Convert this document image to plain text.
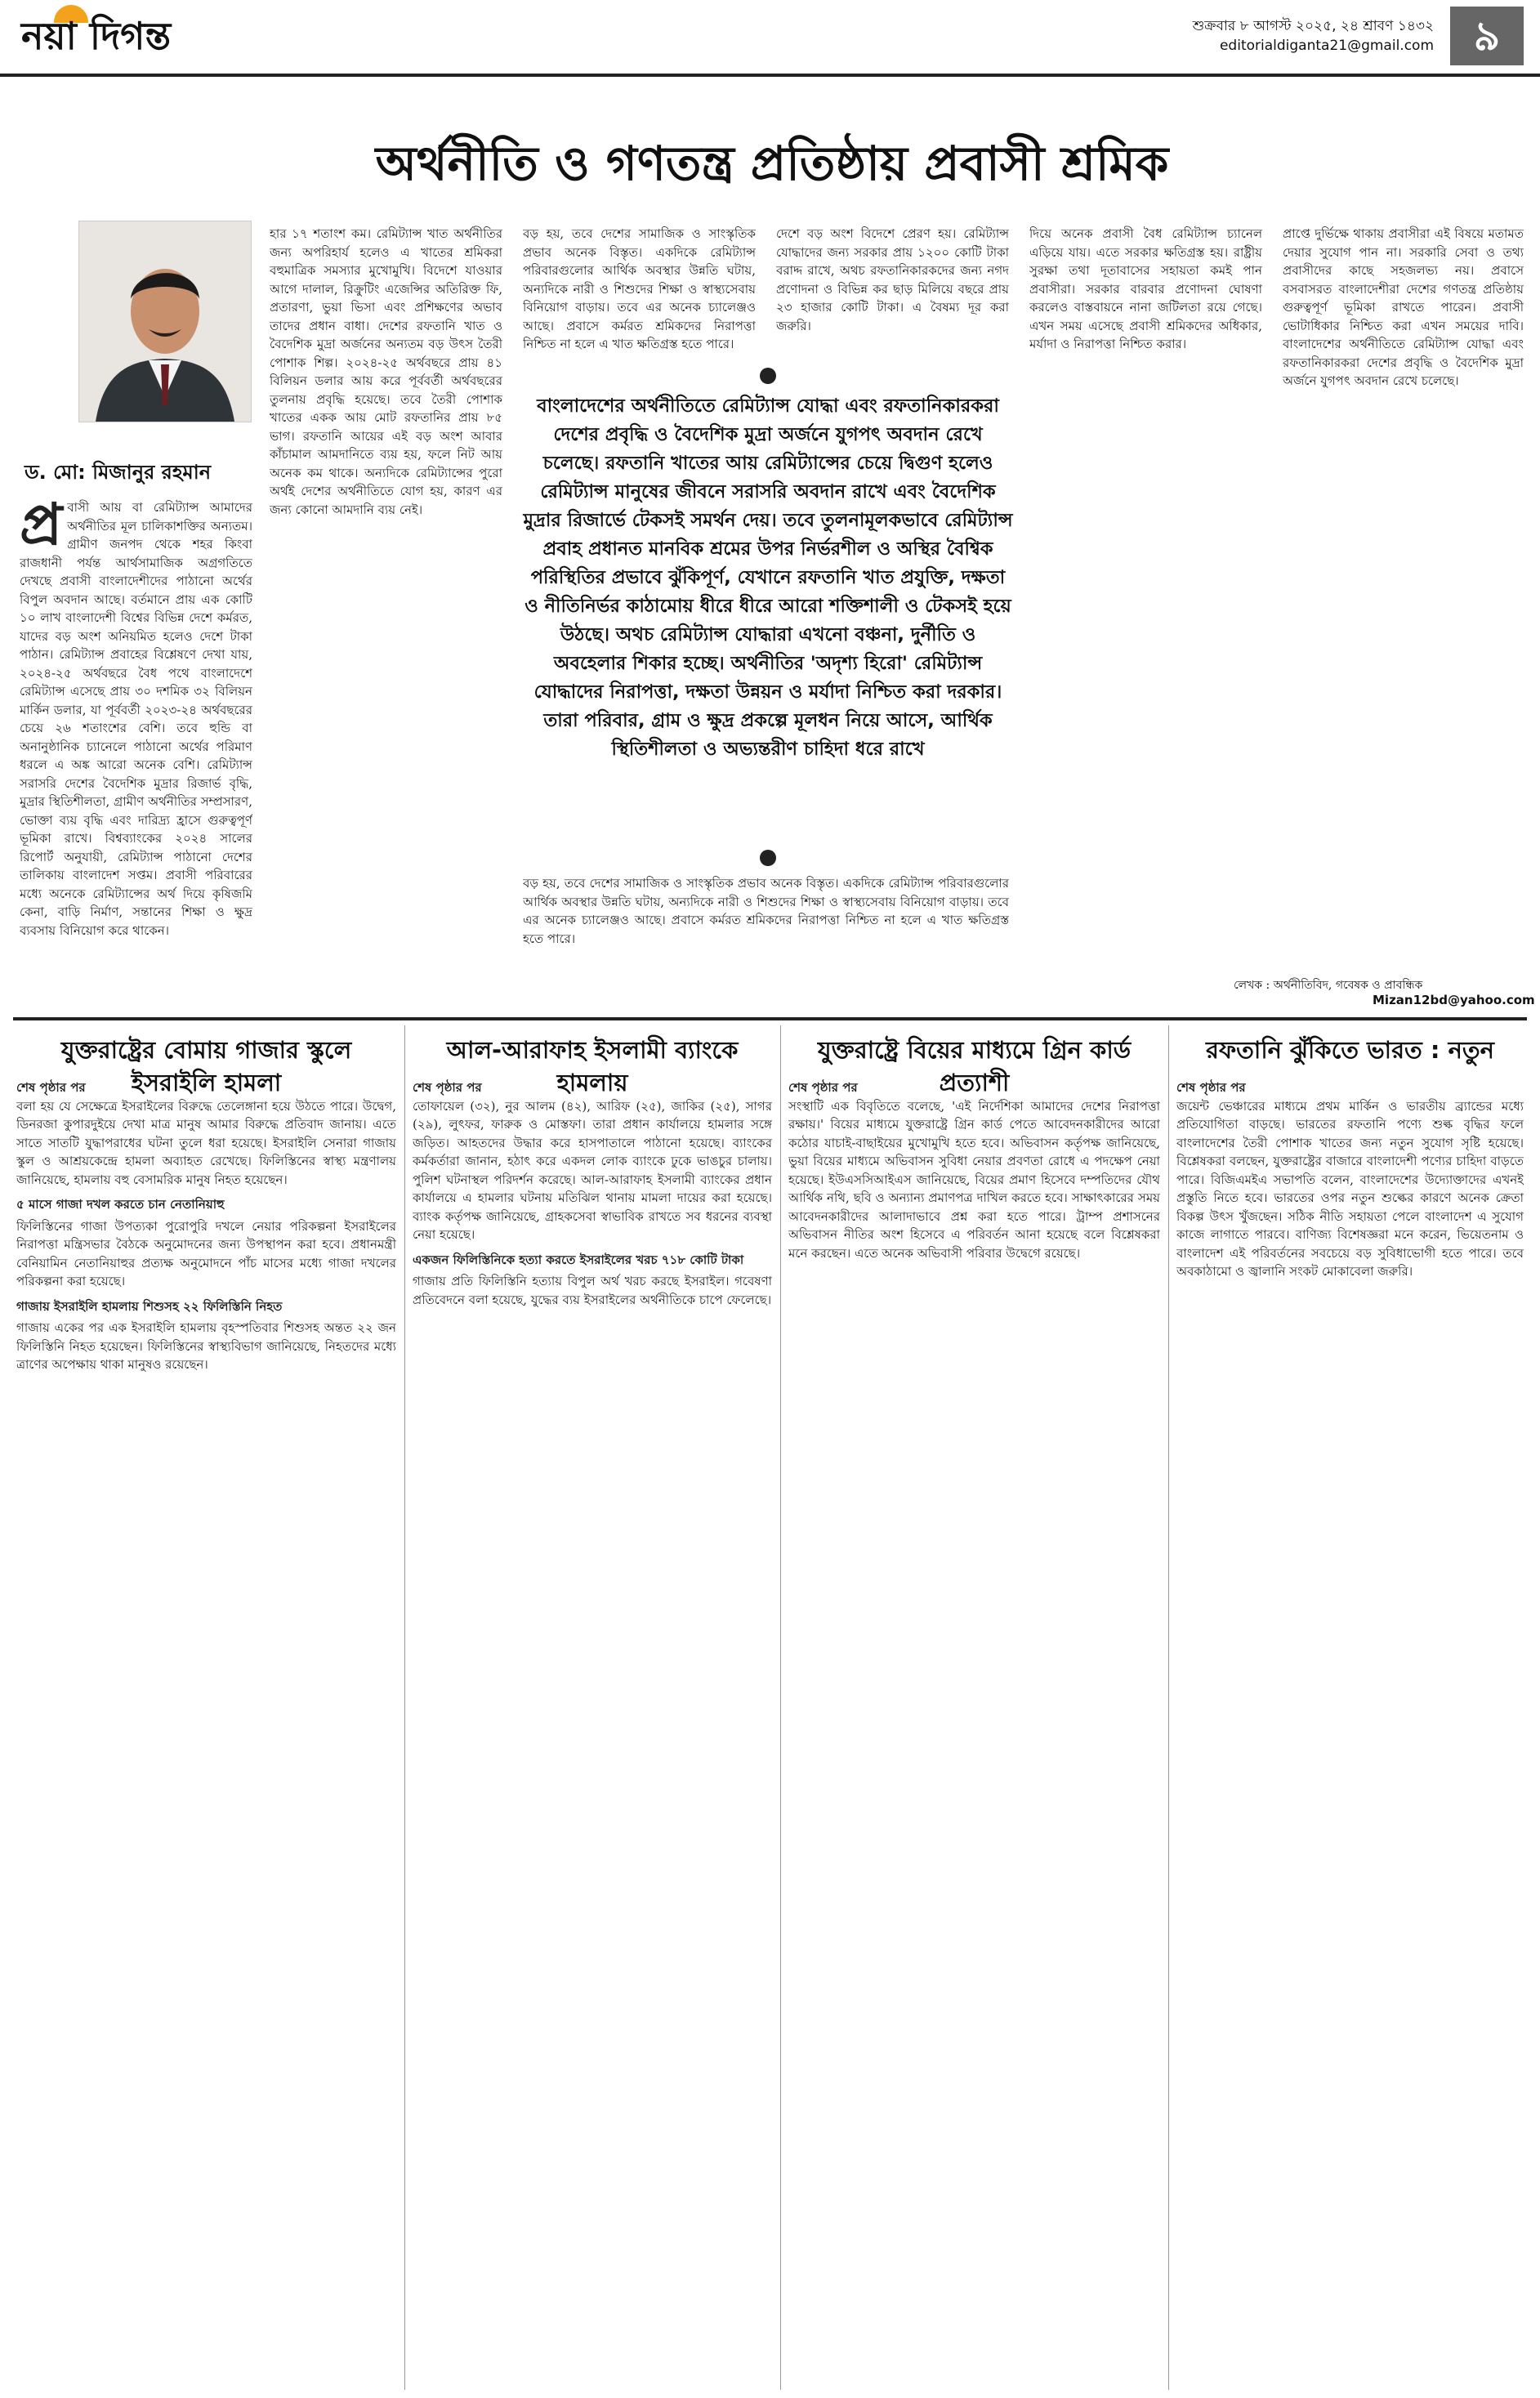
নয়া দিগন্ত	শুক্রবার ৮ আগস্ট ২০২৫, ২৪ শ্রাবণ ১৪৩২
editorialdiganta21@gmail.com ৯
অর্থনীতি ও গণতন্ত্র প্রতিষ্ঠায় প্রবাসী শ্রমিক
ড. মো: মিজানুর রহমান
প্র বাসী আয় বা রেমিট্যান্স আমাদের অর্থনীতির মূল চালিকাশক্তির অন্যতম। গ্রামীণ জনপদ থেকে শহর কিংবা রাজধানী পর্যন্ত আর্থসামাজিক অগ্রগতিতে দেখছে প্রবাসী বাংলাদেশীদের পাঠানো অর্থের বিপুল অবদান আছে। বর্তমানে প্রায় এক কোটি ১০ লাখ বাংলাদেশী বিশ্বের বিভিন্ন দেশে কর্মরত, যাদের বড় অংশ অনিয়মিত হলেও দেশে টাকা পাঠান। রেমিট্যান্স প্রবাহের বিশ্লেষণে দেখা যায়, ২০২৪-২৫ অর্থবছরে বৈধ পথে বাংলাদেশে রেমিট্যান্স এসেছে প্রায় ৩০ দশমিক ৩২ বিলিয়ন মার্কিন ডলার, যা পূর্ববর্তী ২০২৩-২৪ অর্থবছরের চেয়ে ২৬ শতাংশের বেশি। তবে হুন্ডি বা অনানুষ্ঠানিক চ্যানেলে পাঠানো অর্থের পরিমাণ ধরলে এ অঙ্ক আরো অনেক বেশি। রেমিট্যান্স সরাসরি দেশের বৈদেশিক মুদ্রার রিজার্ভ বৃদ্ধি, মুদ্রার স্থিতিশীলতা, গ্রামীণ অর্থনীতির সম্প্রসারণ, ভোক্তা ব্যয় বৃদ্ধি এবং দারিদ্র্য হ্রাসে গুরুত্বপূর্ণ ভূমিকা রাখে। বিশ্বব্যাংকের ২০২৪ সালের রিপোর্ট অনুযায়ী, রেমিট্যান্স পাঠানো দেশের তালিকায় বাংলাদেশ সপ্তম। প্রবাসী পরিবারের মধ্যে অনেকে রেমিট্যান্সের অর্থ দিয়ে কৃষিজমি কেনা, বাড়ি নির্মাণ, সন্তানের শিক্ষা ও ক্ষুদ্র ব্যবসায় বিনিয়োগ করে থাকেন।
হার ১৭ শতাংশ কম। রেমিট্যান্স খাত অর্থনীতির জন্য অপরিহার্য হলেও এ খাতের শ্রমিকরা বহুমাত্রিক সমস্যার মুখোমুখি। বিদেশে যাওয়ার আগে দালাল, রিক্রুটিং এজেন্সির অতিরিক্ত ফি, প্রতারণা, ভুয়া ভিসা এবং প্রশিক্ষণের অভাব তাদের প্রধান বাধা। দেশের রফতানি খাত ও বৈদেশিক মুদ্রা অর্জনের অন্যতম বড় উৎস তৈরী পোশাক শিল্প। ২০২৪-২৫ অর্থবছরে প্রায় ৪১ বিলিয়ন ডলার আয় করে পূর্ববর্তী অর্থবছরের তুলনায় প্রবৃদ্ধি হয়েছে। তবে তৈরী পোশাক খাতের একক আয় মোট রফতানির প্রায় ৮৫ ভাগ। রফতানি আয়ের এই বড় অংশ আবার কাঁচামাল আমদানিতে ব্যয় হয়, ফলে নিট আয় অনেক কম থাকে। অন্যদিকে রেমিট্যান্সের পুরো অর্থই দেশের অর্থনীতিতে যোগ হয়, কারণ এর জন্য কোনো আমদানি ব্যয় নেই।
বড় হয়, তবে দেশের সামাজিক ও সাংস্কৃতিক প্রভাব অনেক বিস্তৃত। একদিকে রেমিট্যান্স পরিবারগুলোর আর্থিক অবস্থার উন্নতি ঘটায়, অন্যদিকে নারী ও শিশুদের শিক্ষা ও স্বাস্থ্যসেবায় বিনিয়োগ বাড়ায়। তবে এর অনেক চ্যালেঞ্জও আছে। প্রবাসে কর্মরত শ্রমিকদের নিরাপত্তা নিশ্চিত না হলে এ খাত ক্ষতিগ্রস্ত হতে পারে।
দেশে বড় অংশ বিদেশে প্রেরণ হয়। রেমিট্যান্স যোদ্ধাদের জন্য সরকার প্রায় ১২০০ কোটি টাকা বরাদ্দ রাখে, অথচ রফতানিকারকদের জন্য নগদ প্রণোদনা ও বিভিন্ন কর ছাড় মিলিয়ে বছরে প্রায় ২৩ হাজার কোটি টাকা। এ বৈষম্য দূর করা জরুরি।
বড় হয়, তবে দেশের সামাজিক ও সাংস্কৃতিক প্রভাব অনেক বিস্তৃত। একদিকে রেমিট্যান্স পরিবারগুলোর আর্থিক অবস্থার উন্নতি ঘটায়, অন্যদিকে নারী ও শিশুদের শিক্ষা ও স্বাস্থ্যসেবায় বিনিয়োগ বাড়ায়। তবে এর অনেক চ্যালেঞ্জও আছে। প্রবাসে কর্মরত শ্রমিকদের নিরাপত্তা নিশ্চিত না হলে এ খাত ক্ষতিগ্রস্ত হতে পারে।
বাংলাদেশের অর্থনীতিতে রেমিট্যান্স যোদ্ধা এবং রফতানিকারকরা দেশের প্রবৃদ্ধি ও বৈদেশিক মুদ্রা অর্জনে যুগপৎ অবদান রেখে চলেছে। রফতানি খাতের আয় রেমিট্যান্সের চেয়ে দ্বিগুণ হলেও রেমিট্যান্স মানুষের জীবনে সরাসরি অবদান রাখে এবং বৈদেশিক মুদ্রার রিজার্ভে টেকসই সমর্থন দেয়। তবে তুলনামূলকভাবে রেমিট্যান্স প্রবাহ প্রধানত মানবিক শ্রমের উপর নির্ভরশীল ও অস্থির বৈশ্বিক পরিস্থিতির প্রভাবে ঝুঁকিপূর্ণ, যেখানে রফতানি খাত প্রযুক্তি, দক্ষতা ও নীতিনির্ভর কাঠামোয় ধীরে ধীরে আরো শক্তিশালী ও টেকসই হয়ে উঠছে। অথচ রেমিট্যান্স যোদ্ধারা এখনো বঞ্চনা, দুর্নীতি ও অবহেলার শিকার হচ্ছে। অর্থনীতির 'অদৃশ্য হিরো' রেমিট্যান্স যোদ্ধাদের নিরাপত্তা, দক্ষতা উন্নয়ন ও মর্যাদা নিশ্চিত করা দরকার। তারা পরিবার, গ্রাম ও ক্ষুদ্র প্রকল্পে মূলধন নিয়ে আসে, আর্থিক স্থিতিশীলতা ও অভ্যন্তরীণ চাহিদা ধরে রাখে
দিয়ে অনেক প্রবাসী বৈধ রেমিট্যান্স চ্যানেল এড়িয়ে যায়। এতে সরকার ক্ষতিগ্রস্ত হয়। রাষ্ট্রীয় সুরক্ষা তথা দূতাবাসের সহায়তা কমই পান প্রবাসীরা। সরকার বারবার প্রণোদনা ঘোষণা করলেও বাস্তবায়নে নানা জটিলতা রয়ে গেছে। এখন সময় এসেছে প্রবাসী শ্রমিকদের অধিকার, মর্যাদা ও নিরাপত্তা নিশ্চিত করার।
প্রাপ্তে দুর্ভিক্ষে থাকায় প্রবাসীরা এই বিষয়ে মতামত দেয়ার সুযোগ পান না। সরকারি সেবা ও তথ্য প্রবাসীদের কাছে সহজলভ্য নয়। প্রবাসে বসবাসরত বাংলাদেশীরা দেশের গণতন্ত্র প্রতিষ্ঠায় গুরুত্বপূর্ণ ভূমিকা রাখতে পারেন। প্রবাসী ভোটাধিকার নিশ্চিত করা এখন সময়ের দাবি। বাংলাদেশের অর্থনীতিতে রেমিট্যান্স যোদ্ধা এবং রফতানিকারকরা দেশের প্রবৃদ্ধি ও বৈদেশিক মুদ্রা অর্জনে যুগপৎ অবদান রেখে চলেছে।
লেখক : অর্থনীতিবিদ, গবেষক ও প্রাবন্ধিক
Mizan12bd@yahoo.com
যুক্তরাষ্ট্রের বোমায় গাজার স্কুলে ইসরাইলি হামলা
শেষ পৃষ্ঠার পর
বলা হয় যে সেক্ষেত্রে ইসরাইলের বিরুদ্ধে তেলেঙ্গানা হয়ে উঠতে পারে। উদ্বেগ, ডিনরজা কুপারদুইয়ে দেখা মাত্র মানুষ আমার বিরুদ্ধে প্রতিবাদ জানায়। এতে সাতে সাতটি যুদ্ধাপরাধের ঘটনা তুলে ধরা হয়েছে। ইসরাইলি সেনারা গাজায় স্কুল ও আশ্রয়কেন্দ্রে হামলা অব্যাহত রেখেছে। ফিলিস্তিনের স্বাস্থ্য মন্ত্রণালয় জানিয়েছে, হামলায় বহু বেসামরিক মানুষ নিহত হয়েছেন।
৫ মাসে গাজা দখল করতে চান নেতানিয়াহু
ফিলিস্তিনের গাজা উপত্যকা পুরোপুরি দখলে নেয়ার পরিকল্পনা ইসরাইলের নিরাপত্তা মন্ত্রিসভার বৈঠকে অনুমোদনের জন্য উপস্থাপন করা হবে। প্রধানমন্ত্রী বেনিয়ামিন নেতানিয়াহুর প্রত্যক্ষ অনুমোদনে পাঁচ মাসের মধ্যে গাজা দখলের পরিকল্পনা করা হয়েছে।
গাজায় ইসরাইলি হামলায় শিশুসহ ২২ ফিলিস্তিনি নিহত
গাজায় একের পর এক ইসরাইলি হামলায় বৃহস্পতিবার শিশুসহ অন্তত ২২ জন ফিলিস্তিনি নিহত হয়েছেন। ফিলিস্তিনের স্বাস্থ্যবিভাগ জানিয়েছে, নিহতদের মধ্যে ত্রাণের অপেক্ষায় থাকা মানুষও রয়েছেন।
আল-আরাফাহ ইসলামী ব্যাংকে হামলায়
শেষ পৃষ্ঠার পর
তোফায়েল (৩২), নুর আলম (৪২), আরিফ (২৫), জাকির (২৫), সাগর (২৯), লুৎফর, ফারুক ও মোস্তফা। তারা প্রধান কার্যালয়ে হামলার সঙ্গে জড়িত। আহতদের উদ্ধার করে হাসপাতালে পাঠানো হয়েছে। ব্যাংকের কর্মকর্তারা জানান, হঠাৎ করে একদল লোক ব্যাংকে ঢুকে ভাঙচুর চালায়। পুলিশ ঘটনাস্থল পরিদর্শন করেছে। আল-আরাফাহ ইসলামী ব্যাংকের প্রধান কার্যালয়ে এ হামলার ঘটনায় মতিঝিল থানায় মামলা দায়ের করা হয়েছে। ব্যাংক কর্তৃপক্ষ জানিয়েছে, গ্রাহকসেবা স্বাভাবিক রাখতে সব ধরনের ব্যবস্থা নেয়া হয়েছে।
একজন ফিলিস্তিনিকে হত্যা করতে ইসরাইলের খরচ ৭১৮ কোটি টাকা
গাজায় প্রতি ফিলিস্তিনি হত্যায় বিপুল অর্থ খরচ করছে ইসরাইল। গবেষণা প্রতিবেদনে বলা হয়েছে, যুদ্ধের ব্যয় ইসরাইলের অর্থনীতিকে চাপে ফেলেছে।
যুক্তরাষ্ট্রে বিয়ের মাধ্যমে গ্রিন কার্ড প্রত্যাশী
শেষ পৃষ্ঠার পর
সংস্থাটি এক বিবৃতিতে বলেছে, 'এই নির্দেশিকা আমাদের দেশের নিরাপত্তা রক্ষায়।' বিয়ের মাধ্যমে যুক্তরাষ্ট্রে গ্রিন কার্ড পেতে আবেদনকারীদের আরো কঠোর যাচাই-বাছাইয়ের মুখোমুখি হতে হবে। অভিবাসন কর্তৃপক্ষ জানিয়েছে, ভুয়া বিয়ের মাধ্যমে অভিবাসন সুবিধা নেয়ার প্রবণতা রোধে এ পদক্ষেপ নেয়া হয়েছে। ইউএসসিআইএস জানিয়েছে, বিয়ের প্রমাণ হিসেবে দম্পতিদের যৌথ আর্থিক নথি, ছবি ও অন্যান্য প্রমাণপত্র দাখিল করতে হবে। সাক্ষাৎকারের সময় আবেদনকারীদের আলাদাভাবে প্রশ্ন করা হতে পারে। ট্রাম্প প্রশাসনের অভিবাসন নীতির অংশ হিসেবে এ পরিবর্তন আনা হয়েছে বলে বিশ্লেষকরা মনে করছেন। এতে অনেক অভিবাসী পরিবার উদ্বেগে রয়েছে।
রফতানি ঝুঁকিতে ভারত : নতুন
শেষ পৃষ্ঠার পর
জয়েন্ট ভেঞ্চারের মাধ্যমে প্রথম মার্কিন ও ভারতীয় ব্র্যান্ডের মধ্যে প্রতিযোগিতা বাড়ছে। ভারতের রফতানি পণ্যে শুল্ক বৃদ্ধির ফলে বাংলাদেশের তৈরী পোশাক খাতের জন্য নতুন সুযোগ সৃষ্টি হয়েছে। বিশ্লেষকরা বলছেন, যুক্তরাষ্ট্রের বাজারে বাংলাদেশী পণ্যের চাহিদা বাড়তে পারে। বিজিএমইএ সভাপতি বলেন, বাংলাদেশের উদ্যোক্তাদের এখনই প্রস্তুতি নিতে হবে। ভারতের ওপর নতুন শুল্কের কারণে অনেক ক্রেতা বিকল্প উৎস খুঁজছেন। সঠিক নীতি সহায়তা পেলে বাংলাদেশ এ সুযোগ কাজে লাগাতে পারবে। বাণিজ্য বিশেষজ্ঞরা মনে করেন, ভিয়েতনাম ও বাংলাদেশ এই পরিবর্তনের সবচেয়ে বড় সুবিধাভোগী হতে পারে। তবে অবকাঠামো ও জ্বালানি সংকট মোকাবেলা জরুরি।
